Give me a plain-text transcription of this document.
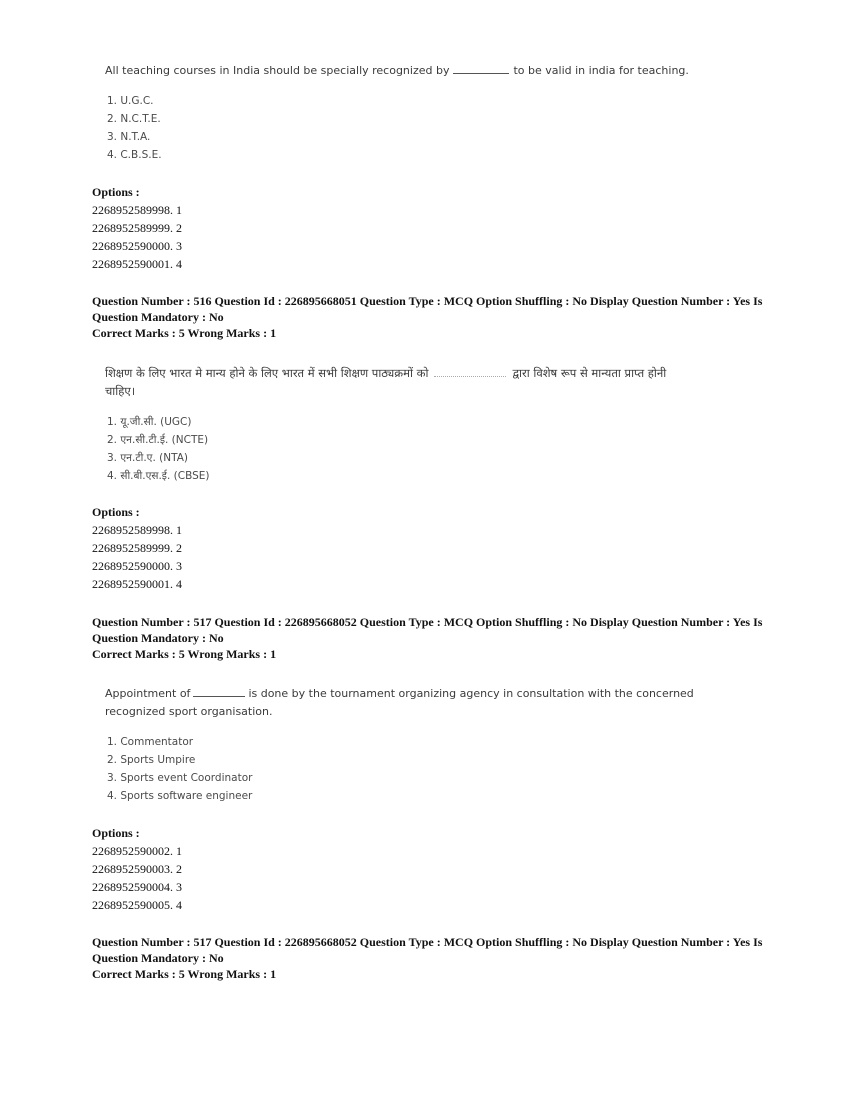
All teaching courses in India should be specially recognized by	to be valid in india for teaching.
1. U.G.C.
2. N.C.T.E.
3. N.T.A.
4. C.B.S.E.
Options :
2268952589998. 1
2268952589999. 2
2268952590000. 3
2268952590001. 4
Question Number : 516 Question Id : 226895668051 Question Type : MCQ Option Shuffling : No Display Question Number : Yes Is
Question Mandatory : No
Correct Marks : 5 Wrong Marks : 1
शिक्षण के लिए भारत मे मान्य होने के लिए भारत में सभी शिक्षण पाठ्यक्रमों को	द्वारा विशेष रूप से मान्यता प्राप्त होनी
चाहिए।
1. यू.जी.सी. (UGC)
2. एन.सी.टी.ई. (NCTE)
3. एन.टी.ए. (NTA)
4. सी.बी.एस.ई. (CBSE)
Options :
2268952589998. 1
2268952589999. 2
2268952590000. 3
2268952590001. 4
Question Number : 517 Question Id : 226895668052 Question Type : MCQ Option Shuffling : No Display Question Number : Yes Is
Question Mandatory : No
Correct Marks : 5 Wrong Marks : 1
Appointment of	is done by the tournament organizing agency in consultation with the concerned
recognized sport organisation.
1. Commentator
2. Sports Umpire
3. Sports event Coordinator
4. Sports software engineer
Options :
2268952590002. 1
2268952590003. 2
2268952590004. 3
2268952590005. 4
Question Number : 517 Question Id : 226895668052 Question Type : MCQ Option Shuffling : No Display Question Number : Yes Is
Question Mandatory : No
Correct Marks : 5 Wrong Marks : 1
